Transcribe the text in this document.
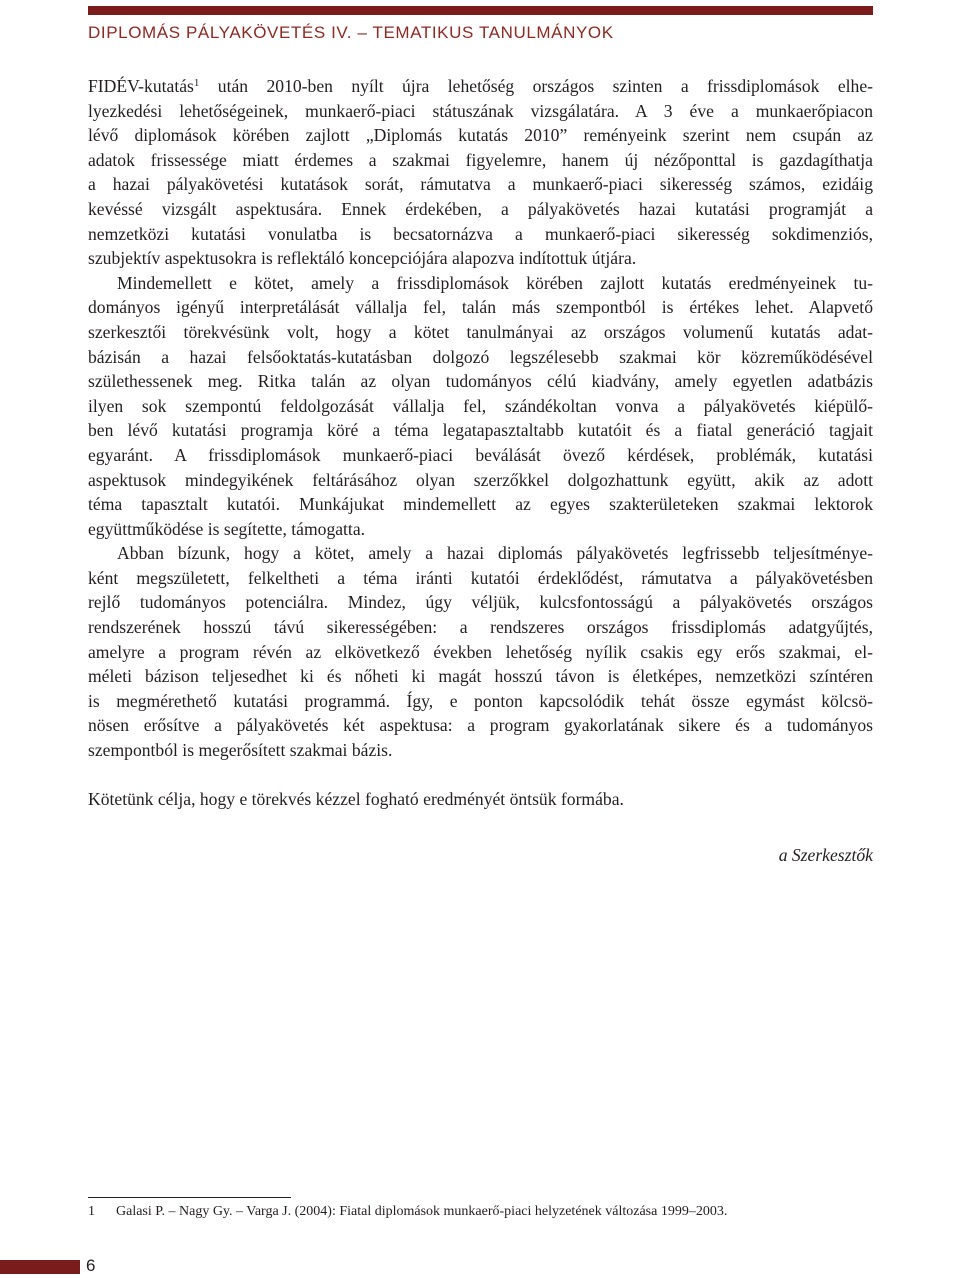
DIPLOMÁS PÁLYAKÖVETÉS IV. – TEMATIKUS TANULMÁNYOK
FIDÉV-kutatás$^1$ után 2010-ben nyílt újra lehetőség országos szinten a frissdiplomások elhe-
lyezkedési lehetőségeinek, munkaerő-piaci státuszának vizsgálatára. A 3 éve a munkaerőpiacon
lévő diplomások körében zajlott „Diplomás kutatás 2010” reményeink szerint nem csupán az
adatok frissessége miatt érdemes a szakmai figyelemre, hanem új nézőponttal is gazdagíthatja
a hazai pályakövetési kutatások sorát, rámutatva a munkaerő-piaci sikeresség számos, ezidáig
kevéssé vizsgált aspektusára. Ennek érdekében, a pályakövetés hazai kutatási programját a
nemzetközi kutatási vonulatba is becsatornázva a munkaerő-piaci sikeresség sokdimenziós,
szubjektív aspektusokra is reflektáló koncepciójára alapozva indítottuk útjára.
Mindemellett e kötet, amely a frissdiplomások körében zajlott kutatás eredményeinek tu-
dományos igényű interpretálását vállalja fel, talán más szempontból is értékes lehet. Alapvető
szerkesztői törekvésünk volt, hogy a kötet tanulmányai az országos volumenű kutatás adat-
bázisán a hazai felsőoktatás-kutatásban dolgozó legszélesebb szakmai kör közreműködésével
születhessenek meg. Ritka talán az olyan tudományos célú kiadvány, amely egyetlen adatbázis
ilyen sok szempontú feldolgozását vállalja fel, szándékoltan vonva a pályakövetés kiépülő-
ben lévő kutatási programja köré a téma legatapasztaltabb kutatóit és a fiatal generáció tagjait
egyaránt. A frissdiplomások munkaerő-piaci beválását övező kérdések, problémák, kutatási
aspektusok mindegyikének feltárásához olyan szerzőkkel dolgozhattunk együtt, akik az adott
téma tapasztalt kutatói. Munkájukat mindemellett az egyes szakterületeken szakmai lektorok
együttműködése is segítette, támogatta.
Abban bízunk, hogy a kötet, amely a hazai diplomás pályakövetés legfrissebb teljesítménye-
ként megszületett, felkeltheti a téma iránti kutatói érdeklődést, rámutatva a pályakövetésben
rejlő tudományos potenciálra. Mindez, úgy véljük, kulcsfontosságú a pályakövetés országos
rendszerének hosszú távú sikerességében: a rendszeres országos frissdiplomás adatgyűjtés,
amelyre a program révén az elkövetkező években lehetőség nyílik csakis egy erős szakmai, el-
méleti bázison teljesedhet ki és nőheti ki magát hosszú távon is életképes, nemzetközi színtéren
is megmérethető kutatási programmá. Így, e ponton kapcsolódik tehát össze egymást kölcsö-
nösen erősítve a pályakövetés két aspektusa: a program gyakorlatának sikere és a tudományos
szempontból is megerősített szakmai bázis.
Kötetünk célja, hogy e törekvés kézzel fogható eredményét öntsük formába.
a Szerkesztők
1 Galasi P. – Nagy Gy. – Varga J. (2004): Fiatal diplomások munkaerő-piaci helyzetének változása 1999–2003.
6
